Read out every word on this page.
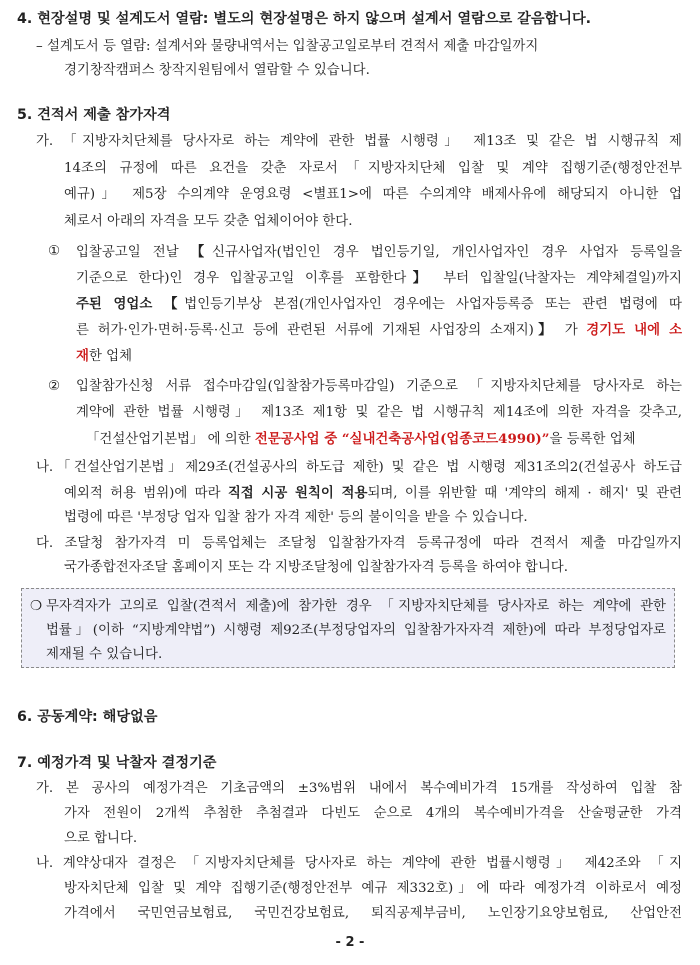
4. 현장설명 및 설계도서 열람: 별도의 현장설명은 하지 않으며 설계서 열람으로 갈음합니다.
– 설계도서 등 열람: 설계서와 물량내역서는 입찰공고일로부터 견적서 제출 마감일까지
경기창작캠퍼스 창작지원팀에서 열람할 수 있습니다.
5. 견적서 제출 참가자격
가. 「지방자치단체를 당사자로 하는 계약에 관한 법률 시행령」 제13조 및 같은 법 시행규칙 제
14조의 규정에 따른 요건을 갖춘 자로서「지방자치단체 입찰 및 계약 집행기준(행정안전부
예규)」 제5장 수의계약 운영요령 <별표1>에 따른 수의계약 배제사유에 해당되지 아니한 업
체로서 아래의 자격을 모두 갖춘 업체이어야 한다.
① 입찰공고일 전날 【신규사업자(법인인 경우 법인등기일, 개인사업자인 경우 사업자 등록일을
기준으로 한다)인 경우 입찰공고일 이후를 포함한다】 부터 입찰일(낙찰자는 계약체결일)까지
주된 영업소 【법인등기부상 본점(개인사업자인 경우에는 사업자등록증 또는 관련 법령에 따
른 허가·인가·면허·등록·신고 등에 관련된 서류에 기재된 사업장의 소재지)】 가 경기도 내에 소
재한 업체
② 입찰참가신청 서류 접수마감일(입찰참가등록마감일) 기준으로 「지방자치단체를 당사자로 하는
계약에 관한 법률 시행령」 제13조 제1항 및 같은 법 시행규칙 제14조에 의한 자격을 갖추고,
「건설산업기본법」 에 의한 전문공사업 중 “실내건축공사업(업종코드4990)”을 등록한 업체
나.「건설산업기본법」제29조(건설공사의 하도급 제한) 및 같은 법 시행령 제31조의2(건설공사 하도급
예외적 허용 범위)에 따라 직접 시공 원칙이 적용되며, 이를 위반할 때 '계약의 해제 · 해지' 및 관련
법령에 따른 '부정당 업자 입찰 참가 자격 제한' 등의 불이익을 받을 수 있습니다.
다. 조달청 참가자격 미 등록업체는 조달청 입찰참가자격 등록규정에 따라 견적서 제출 마감일까지
국가종합전자조달 홈페이지 또는 각 지방조달청에 입찰참가자격 등록을 하여야 합니다.
❍ 무자격자가 고의로 입찰(견적서 제출)에 참가한 경우 「지방자치단체를 당사자로 하는 계약에 관한
법률」(이하 “지방계약법”) 시행령 제92조(부정당업자의 입찰참가자자격 제한)에 따라 부정당업자로
제재될 수 있습니다.
6. 공동계약: 해당없음
7. 예정가격 및 낙찰자 결정기준
가. 본 공사의 예정가격은 기초금액의 ±3%범위 내에서 복수예비가격 15개를 작성하여 입찰 참
가자 전원이 2개씩 추첨한 추첨결과 다빈도 순으로 4개의 복수예비가격을 산술평균한 가격
으로 합니다.
나. 계약상대자 결정은 「지방자치단체를 당사자로 하는 계약에 관한 법률시행령」 제42조와 「지
방자치단체 입찰 및 계약 집행기준(행정안전부 예규 제332호)」에 따라 예정가격 이하로서 예정
가격에서 국민연금보험료, 국민건강보험료, 퇴직공제부금비, 노인장기요양보험료, 산업안전
- 2 -
